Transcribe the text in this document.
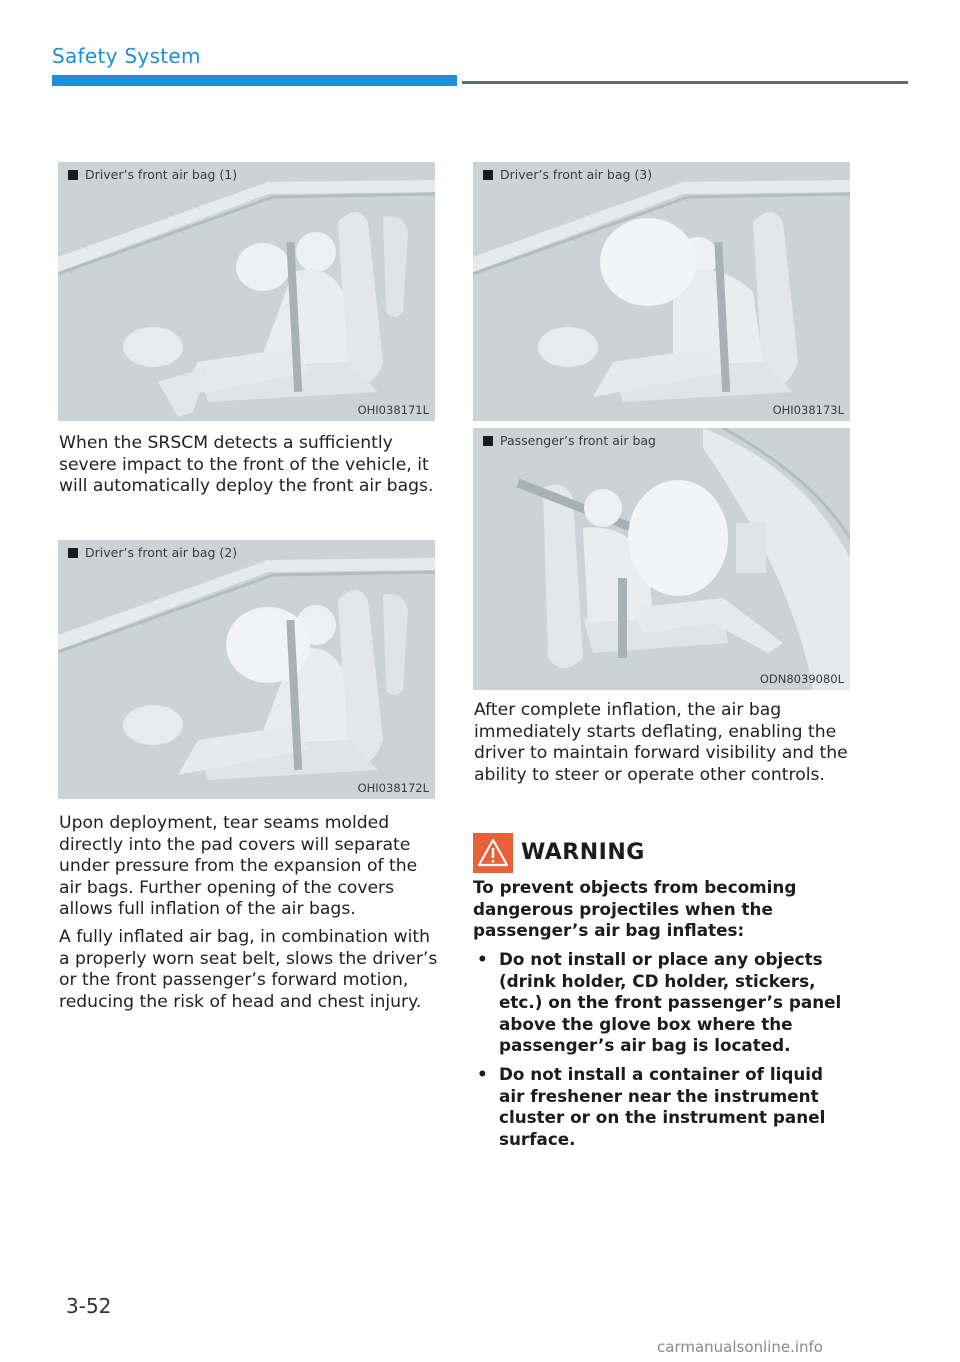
Safety System
Driver’s front air bag (1)
OHI038171L

When the SRSCM detects a sufficiently severe impact to the front of the vehicle, it will automatically deploy the front air bags.

Driver’s front air bag (2)
OHI038172L

Upon deployment, tear seams molded directly into the pad covers will separate under pressure from the expansion of the air bags. Further opening of the covers allows full inflation of the air bags.

A fully inflated air bag, in combination with a properly worn seat belt, slows the driver’s or the front passenger’s forward motion, reducing the risk of head and chest injury.

Driver’s front air bag (3)
OHI038173L
Passenger’s front air bag
ODN8039080L

After complete inflation, the air bag immediately starts deflating, enabling the driver to maintain forward visibility and the ability to steer or operate other controls.

WARNING
To prevent objects from becoming dangerous projectiles when the passenger’s air bag inflates:
• Do not install or place any objects (drink holder, CD holder, stickers, etc.) on the front passenger’s panel above the glove box where the passenger’s air bag is located.
• Do not install a container of liquid air freshener near the instrument cluster or on the instrument panel surface.
3-52
carmanualsonline.info
